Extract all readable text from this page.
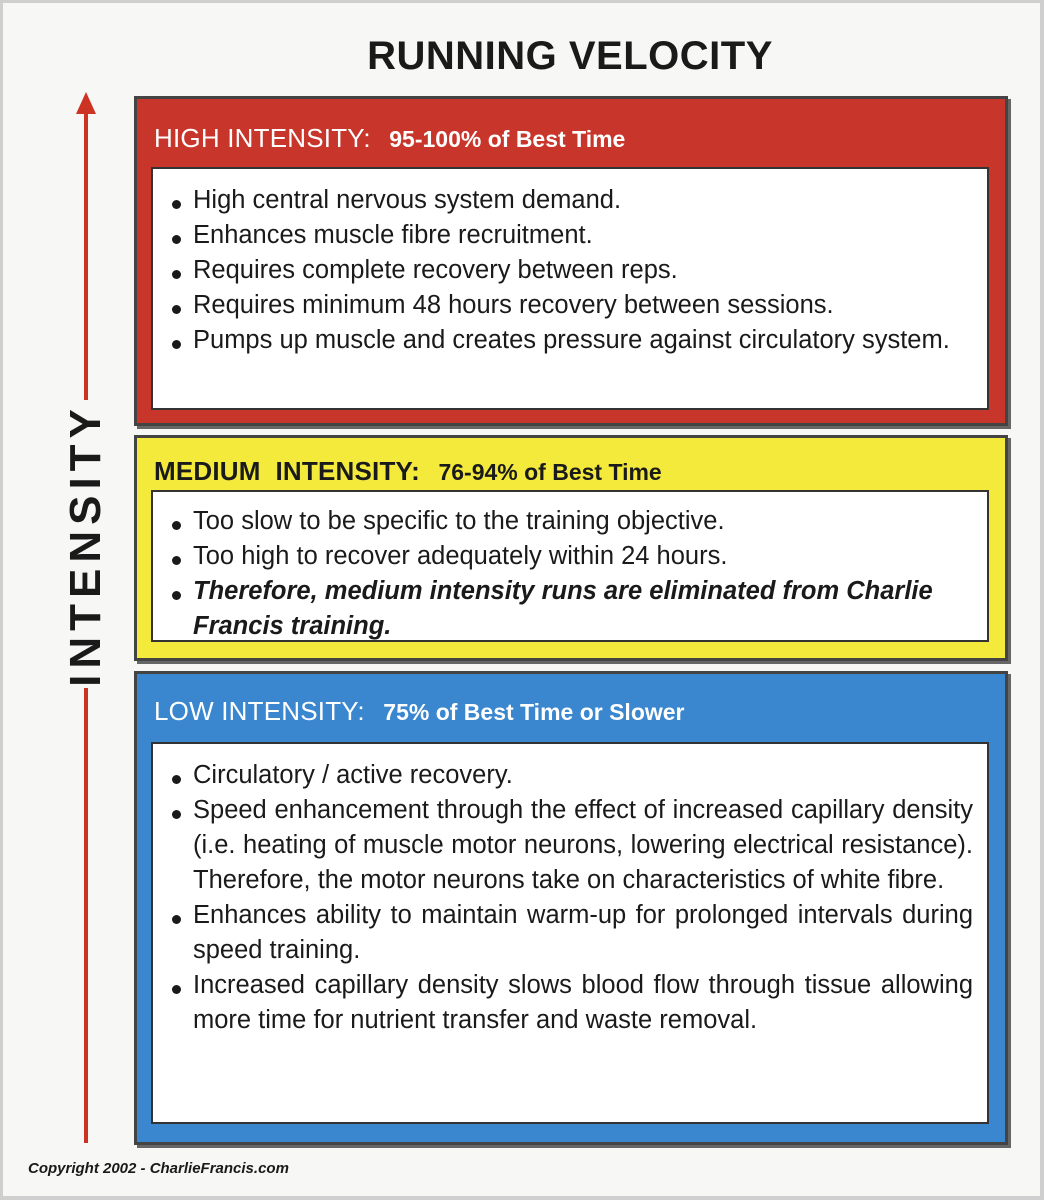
RUNNING VELOCITY
INTENSITY
HIGH INTENSITY: 95-100% of Best Time
High central nervous system demand.
Enhances muscle fibre recruitment.
Requires complete recovery between reps.
Requires minimum 48 hours recovery between sessions.
Pumps up muscle and creates pressure against circulatory system.
MEDIUM  INTENSITY: 76-94% of Best Time
Too slow to be specific to the training objective.
Too high to recover adequately within 24 hours.
Therefore, medium intensity runs are eliminated from Charlie Francis training.
LOW INTENSITY: 75% of Best Time or Slower
Circulatory / active recovery.
Speed enhancement through the effect of increased capillary density (i.e. heating of muscle motor neurons, lowering electrical resistance). Therefore, the motor neurons take on characteristics of white fibre.
Enhances ability to maintain warm-up for prolonged intervals during speed training.
Increased capillary density slows blood flow through tissue allowing more time for nutrient transfer and waste removal.
Copyright 2002 - CharlieFrancis.com
